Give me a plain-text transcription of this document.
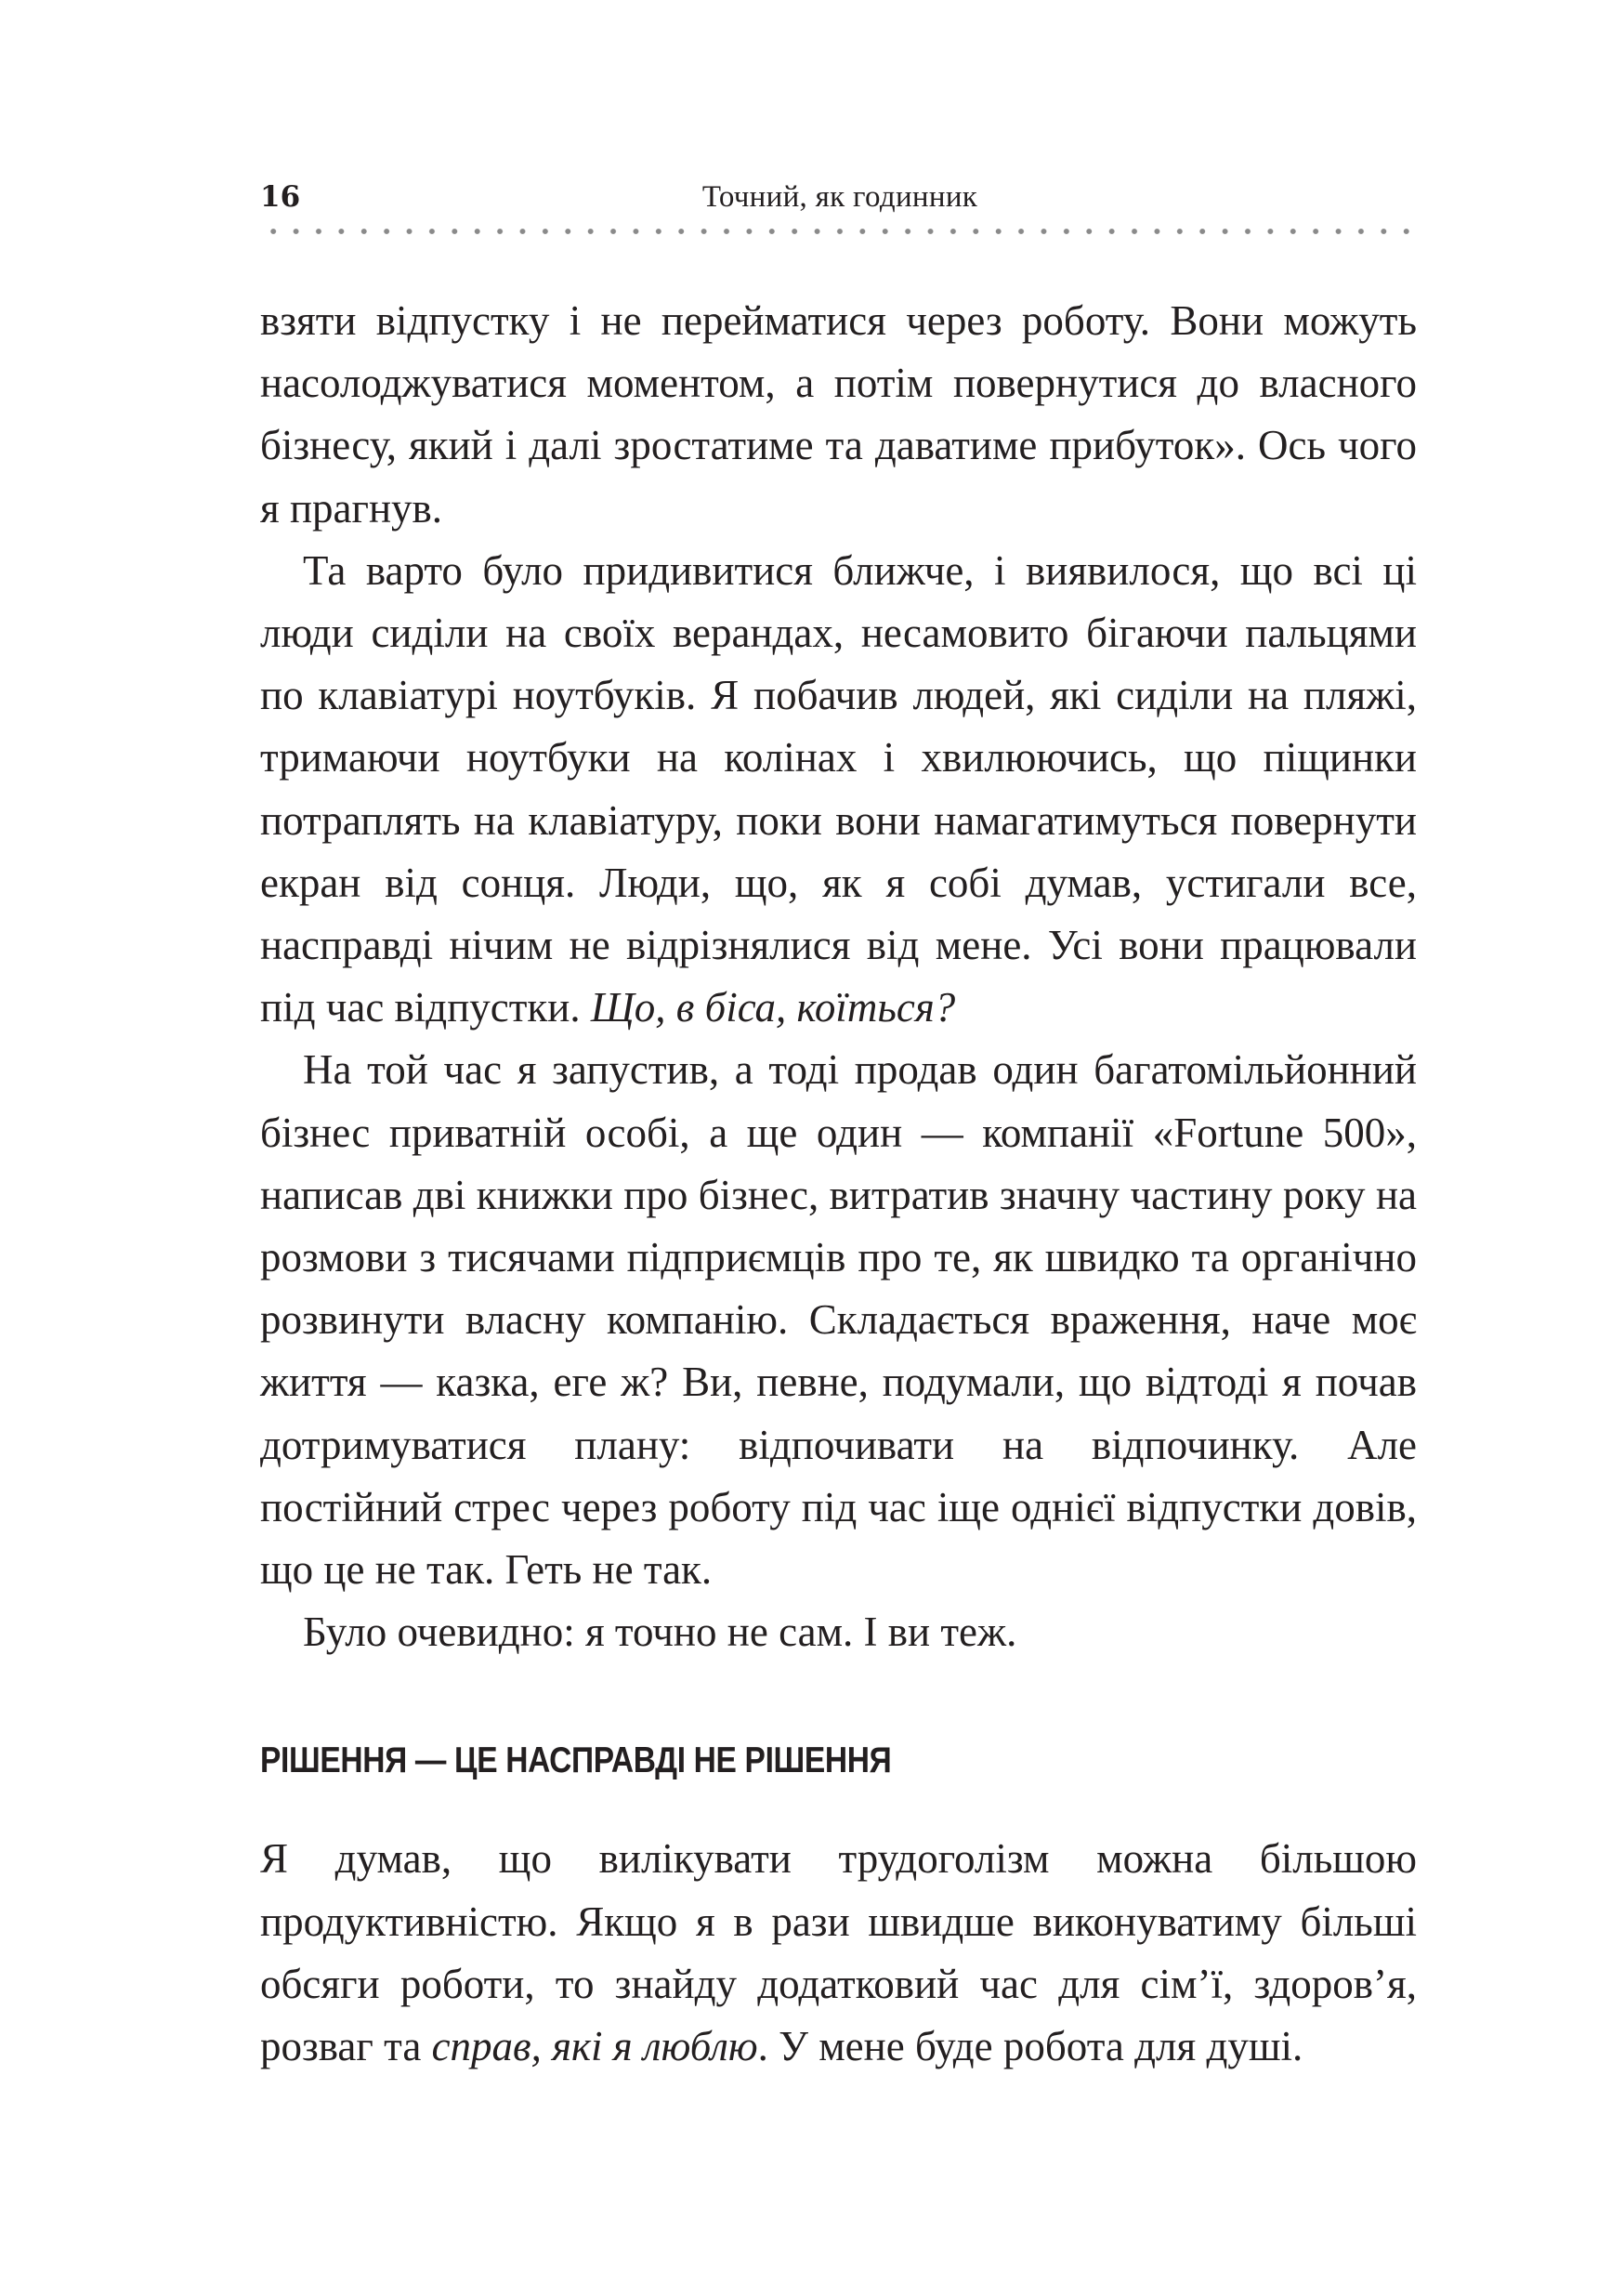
16	Точний, як годинник

взяти відпустку і не перейматися через роботу. Вони можуть насолоджуватися моментом, а потім повернутися до власного бізнесу, який і далі зростатиме та даватиме прибуток». Ось чого я прагнув.

Та варто було придивитися ближче, і виявилося, що всі ці люди сиділи на своїх верандах, несамовито бігаючи пальцями по клавіатурі ноутбуків. Я побачив людей, які сиділи на пляжі, тримаючи ноутбуки на колінах і хвилюючись, що піщинки потраплять на клавіатуру, поки вони намагатимуться повернути екран від сонця. Люди, що, як я собі думав, устигали все, насправді нічим не відрізнялися від мене. Усі вони працювали під час відпустки. Що, в біса, коїться?

На той час я запустив, а тоді продав один багатомільйонний бізнес приватній особі, а ще один — компанії «Fortune 500», написав дві книжки про бізнес, витратив значну частину року на розмови з тисячами підприємців про те, як швидко та органічно розвинути власну компанію. Складається враження, наче моє життя — казка, еге ж? Ви, певне, подумали, що відтоді я почав дотримуватися плану: відпочивати на відпочинку. Але постійний стрес через роботу під час іще однієї відпустки довів, що це не так. Геть не так.

Було очевидно: я точно не сам. І ви теж.

РІШЕННЯ — ЦЕ НАСПРАВДІ НЕ РІШЕННЯ

Я думав, що вилікувати трудоголізм можна більшою продуктивністю. Якщо я в рази швидше виконуватиму більші обсяги роботи, то знайду додатковий час для сім’ї, здоров’я, розваг та справ, які я люблю. У мене буде робота для душі.
